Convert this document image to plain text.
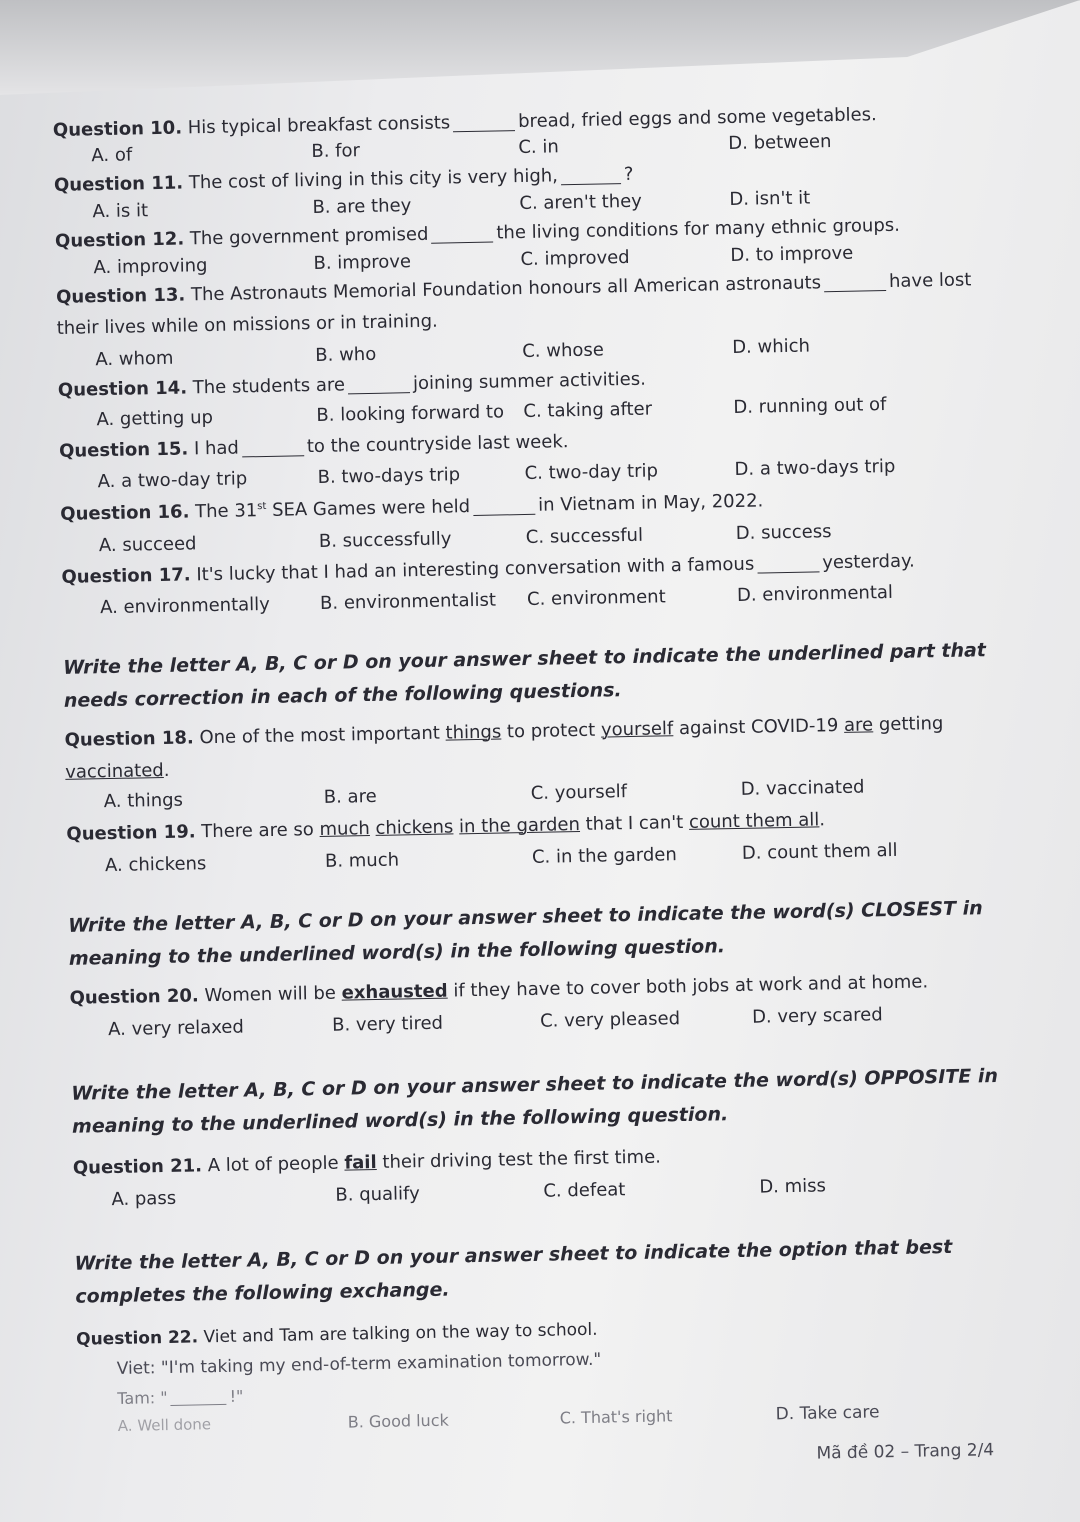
Question 10. His typical breakfast consists	bread, fried eggs and some vegetables.
A. of	B. for	C. in	D. between
Question 11. The cost of living in this city is very high,	?
A. is it	B. are they	C. aren't they	D. isn't it
Question 12. The government promised	the living conditions for many ethnic groups.
A. improving	B. improve	C. improved	D. to improve
Question 13. The Astronauts Memorial Foundation honours all American astronauts	have lost
their lives while on missions or in training.
A. whom	B. who	C. whose	D. which
Question 14. The students are	joining summer activities.
A. getting up	B. looking forward to C. taking after	D. running out of
Question 15. I had	to the countryside last week.
A. a two-day trip	B. two-days trip	C. two-day trip	D. a two-days trip
Question 16. The 31st SEA Games were held	in Vietnam in May, 2022.
A. succeed	B. successfully	C. successful	D. success
Question 17. It's lucky that I had an interesting conversation with a famous	yesterday.
A. environmentally	B. environmentalist C. environment	D. environmental
Write the letter A, B, C or D on your answer sheet to indicate the underlined part that
needs correction in each of the following questions.
Question 18. One of the most important things to protect yourself against COVID-19 are getting
vaccinated.
A. things	B. are	C. yourself	D. vaccinated
Question 19. There are so much chickens in the garden that I can't count them all.
A. chickens	B. much	C. in the garden	D. count them all
Write the letter A, B, C or D on your answer sheet to indicate the word(s) CLOSEST in
meaning to the underlined word(s) in the following question.
Question 20. Women will be exhausted if they have to cover both jobs at work and at home.
A. very relaxed	B. very tired	C. very pleased	D. very scared
Write the letter A, B, C or D on your answer sheet to indicate the word(s) OPPOSITE in
meaning to the underlined word(s) in the following question.
Question 21. A lot of people fail their driving test the first time.
A. pass	B. qualify	C. defeat	D. miss
Write the letter A, B, C or D on your answer sheet to indicate the option that best
completes the following exchange.
Question 22. Viet and Tam are talking on the way to school.
Viet: "I'm taking my end-of-term examination tomorrow."
Tam: "	!"
A. Well done	B. Good luck	C. That's right	D. Take care
Mã đề 02 – Trang 2/4
